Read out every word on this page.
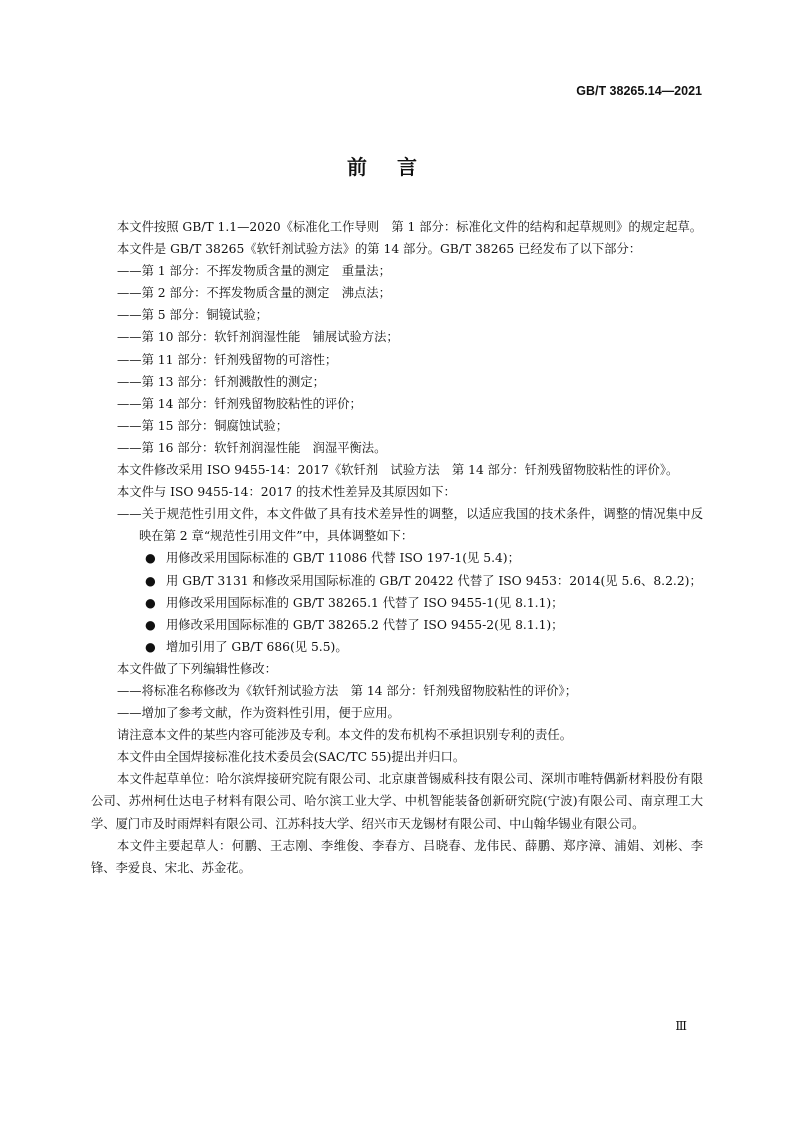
GB/T 38265.14—2021
前言

本文件按照 GB/T 1.1—2020《标准化工作导则　第 1 部分：标准化文件的结构和起草规则》的规定起草。

本文件是 GB/T 38265《软钎剂试验方法》的第 14 部分。GB/T 38265 已经发布了以下部分：

——第 1 部分：不挥发物质含量的测定　重量法；

——第 2 部分：不挥发物质含量的测定　沸点法；

——第 5 部分：铜镜试验；

——第 10 部分：软钎剂润湿性能　铺展试验方法；

——第 11 部分：钎剂残留物的可溶性；

——第 13 部分：钎剂溅散性的测定；

——第 14 部分：钎剂残留物胶粘性的评价；

——第 15 部分：铜腐蚀试验；

——第 16 部分：软钎剂润湿性能　润湿平衡法。

本文件修改采用 ISO 9455-14：2017《软钎剂　试验方法　第 14 部分：钎剂残留物胶粘性的评价》。

本文件与 ISO 9455-14：2017 的技术性差异及其原因如下：

——关于规范性引用文件，本文件做了具有技术差异性的调整，以适应我国的技术条件，调整的情况集中反映在第 2 章“规范性引用文件”中，具体调整如下：

● 用修改采用国际标准的 GB/T 11086 代替 ISO 197-1(见 5.4)；

● 用 GB/T 3131 和修改采用国际标准的 GB/T 20422 代替了 ISO 9453：2014(见 5.6、8.2.2)；

● 用修改采用国际标准的 GB/T 38265.1 代替了 ISO 9455-1(见 8.1.1)；

● 用修改采用国际标准的 GB/T 38265.2 代替了 ISO 9455-2(见 8.1.1)；

● 增加引用了 GB/T 686(见 5.5)。

本文件做了下列编辑性修改：

——将标准名称修改为《软钎剂试验方法　第 14 部分：钎剂残留物胶粘性的评价》；

——增加了参考文献，作为资料性引用，便于应用。

请注意本文件的某些内容可能涉及专利。本文件的发布机构不承担识别专利的责任。

本文件由全国焊接标准化技术委员会(SAC/TC 55)提出并归口。

本文件起草单位：哈尔滨焊接研究院有限公司、北京康普锡威科技有限公司、深圳市唯特偶新材料股份有限公司、苏州柯仕达电子材料有限公司、哈尔滨工业大学、中机智能装备创新研究院(宁波)有限公司、南京理工大学、厦门市及时雨焊料有限公司、江苏科技大学、绍兴市天龙锡材有限公司、中山翰华锡业有限公司。

本文件主要起草人：何鹏、王志刚、李维俊、李春方、吕晓春、龙伟民、薛鹏、郑序漳、浦娟、刘彬、李锋、李爱良、宋北、苏金花。

Ⅲ
